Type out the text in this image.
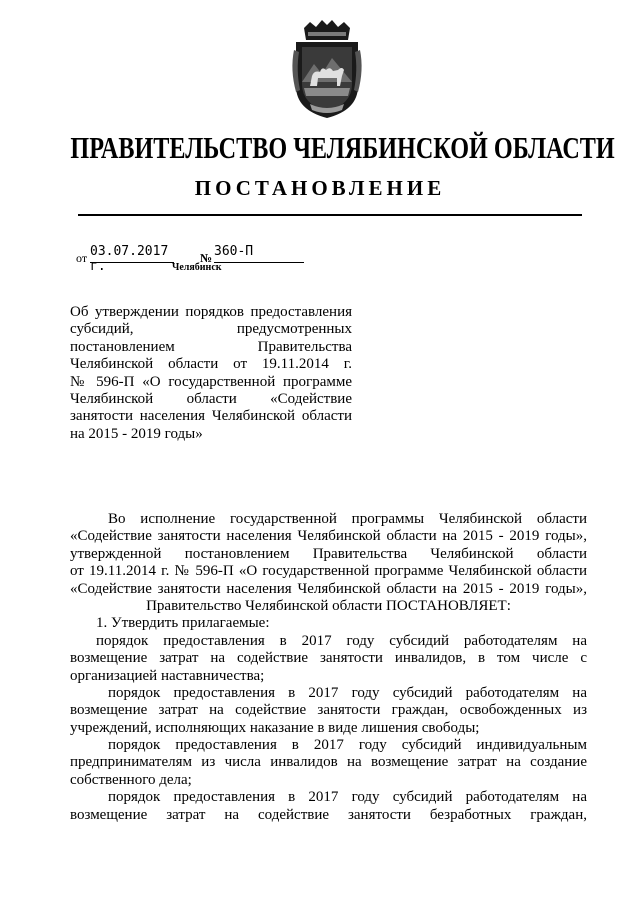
ПРАВИТЕЛЬСТВО ЧЕЛЯБИНСКОЙ ОБЛАСТИ
ПОСТАНОВЛЕНИЕ
от 03.07.2017 г.
№ 360-П
Челябинск
Об утверждении порядков предоставления
субсидий, предусмотренных
постановлением Правительства
Челябинской области от 19.11.2014 г.
№ 596-П «О государственной программе
Челябинской области «Содействие
занятости населения Челябинской области
на 2015 - 2019 годы»
Во исполнение государственной программы Челябинской области
«Содействие занятости населения Челябинской области на 2015 - 2019 годы»,
утвержденной постановлением Правительства Челябинской области
от 19.11.2014 г. № 596-П «О государственной программе Челябинской области
«Содействие занятости населения Челябинской области на 2015 - 2019 годы»,
Правительство Челябинской области ПОСТАНОВЛЯЕТ:
1. Утвердить прилагаемые:
порядок предоставления в 2017 году субсидий работодателям на
возмещение затрат на содействие занятости инвалидов, в том числе с
организацией наставничества;
порядок предоставления в 2017 году субсидий работодателям на
возмещение затрат на содействие занятости граждан, освобожденных из
учреждений, исполняющих наказание в виде лишения свободы;
порядок предоставления в 2017 году субсидий индивидуальным
предпринимателям из числа инвалидов на возмещение затрат на создание
собственного дела;
порядок предоставления в 2017 году субсидий работодателям на
возмещение затрат на содействие занятости безработных граждан,
